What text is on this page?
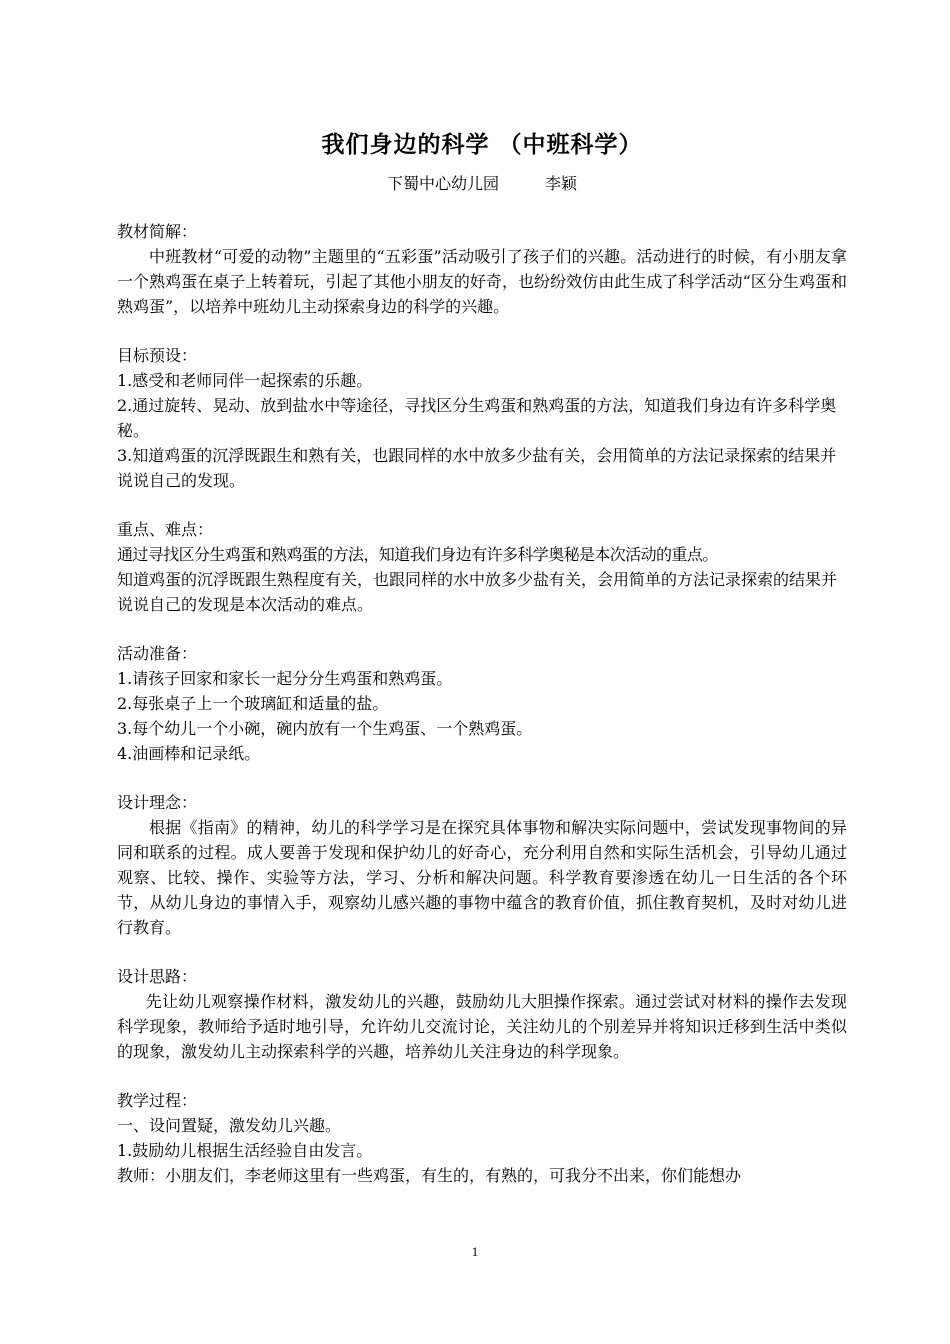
我们身边的科学 （中班科学）

下蜀中心幼儿园	李颖

教材简解：

中班教材“可爱的动物”主题里的“五彩蛋”活动吸引了孩子们的兴趣。活动进行的时候，有小朋友拿一个熟鸡蛋在桌子上转着玩，引起了其他小朋友的好奇，也纷纷效仿由此生成了科学活动“区分生鸡蛋和熟鸡蛋”，以培养中班幼儿主动探索身边的科学的兴趣。

目标预设：

1.感受和老师同伴一起探索的乐趣。

2.通过旋转、晃动、放到盐水中等途径，寻找区分生鸡蛋和熟鸡蛋的方法，知道我们身边有许多科学奥秘。

3.知道鸡蛋的沉浮既跟生和熟有关，也跟同样的水中放多少盐有关，会用简单的方法记录探索的结果并说说自己的发现。

重点、难点：

通过寻找区分生鸡蛋和熟鸡蛋的方法，知道我们身边有许多科学奥秘是本次活动的重点。

知道鸡蛋的沉浮既跟生熟程度有关，也跟同样的水中放多少盐有关，会用简单的方法记录探索的结果并说说自己的发现是本次活动的难点。

活动准备：

1.请孩子回家和家长一起分分生鸡蛋和熟鸡蛋。

2.每张桌子上一个玻璃缸和适量的盐。

3.每个幼儿一个小碗，碗内放有一个生鸡蛋、一个熟鸡蛋。

4.油画棒和记录纸。

设计理念：

根据《指南》的精神，幼儿的科学学习是在探究具体事物和解决实际问题中，尝试发现事物间的异同和联系的过程。成人要善于发现和保护幼儿的好奇心，充分利用自然和实际生活机会，引导幼儿通过观察、比较、操作、实验等方法，学习、分析和解决问题。科学教育要渗透在幼儿一日生活的各个环节，从幼儿身边的事情入手，观察幼儿感兴趣的事物中蕴含的教育价值，抓住教育契机，及时对幼儿进行教育。

设计思路：

先让幼儿观察操作材料，激发幼儿的兴趣，鼓励幼儿大胆操作探索。通过尝试对材料的操作去发现科学现象，教师给予适时地引导，允许幼儿交流讨论，关注幼儿的个别差异并将知识迁移到生活中类似的现象，激发幼儿主动探索科学的兴趣，培养幼儿关注身边的科学现象。

教学过程：

一、设问置疑，激发幼儿兴趣。

1.鼓励幼儿根据生活经验自由发言。

教师：小朋友们，李老师这里有一些鸡蛋，有生的，有熟的，可我分不出来，你们能想办

1
